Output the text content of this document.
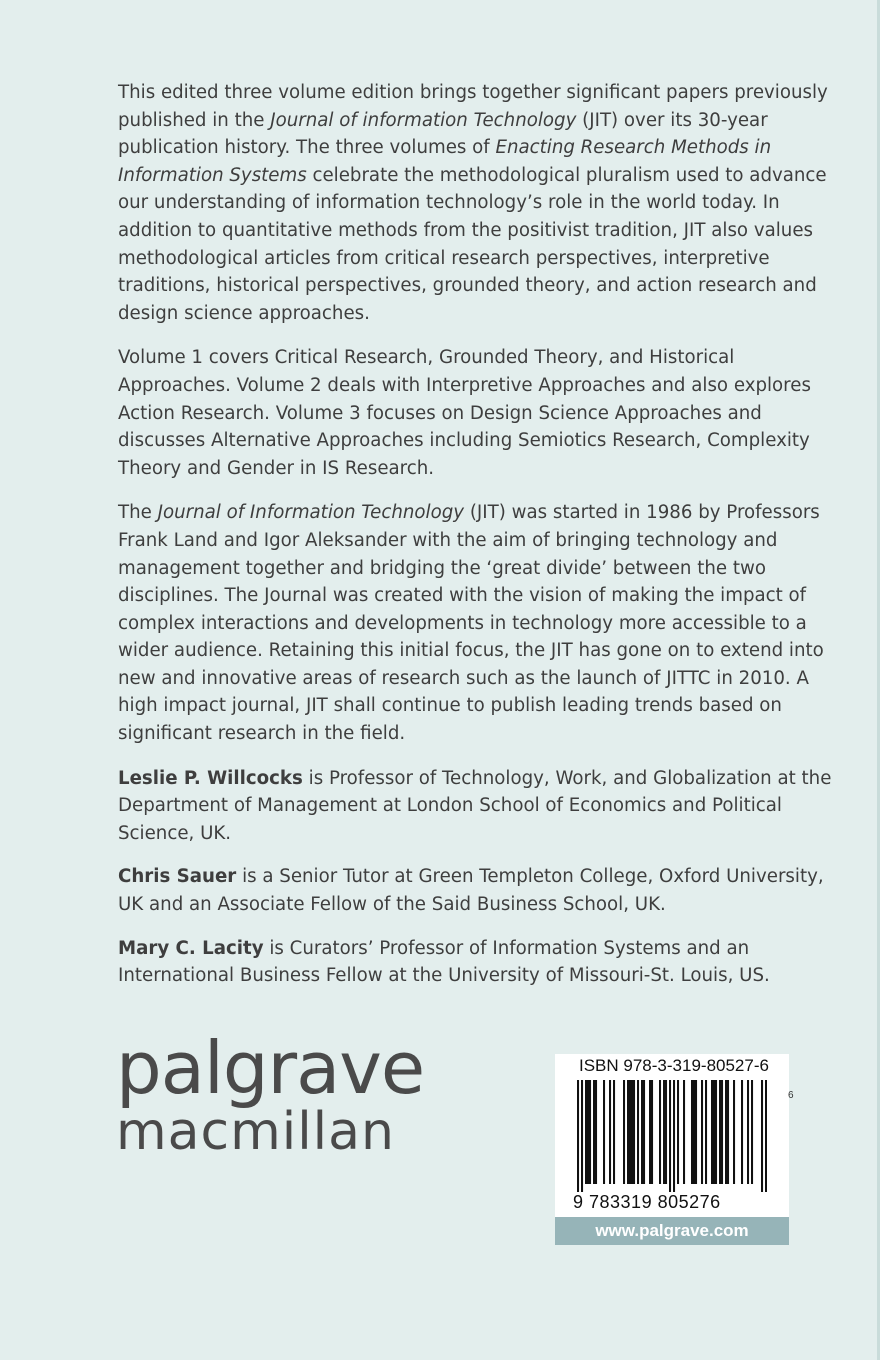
This edited three volume edition brings together significant papers previously published in the Journal of information Technology (JIT) over its 30-year publication history. The three volumes of Enacting Research Methods in Information Systems celebrate the methodological pluralism used to advance our understanding of information technology’s role in the world today. In addition to quantitative methods from the positivist tradition, JIT also values methodological articles from critical research perspectives, interpretive traditions, historical perspectives, grounded theory, and action research and design science approaches.

Volume 1 covers Critical Research, Grounded Theory, and Historical Approaches. Volume 2 deals with Interpretive Approaches and also explores Action Research. Volume 3 focuses on Design Science Approaches and discusses Alternative Approaches including Semiotics Research, Complexity Theory and Gender in IS Research.

The Journal of Information Technology (JIT) was started in 1986 by Professors Frank Land and Igor Aleksander with the aim of bringing technology and management together and bridging the ‘great divide’ between the two disciplines. The Journal was created with the vision of making the impact of complex interactions and developments in technology more accessible to a wider audience. Retaining this initial focus, the JIT has gone on to extend into new and innovative areas of research such as the launch of JITTC in 2010. A high impact journal, JIT shall continue to publish leading trends based on significant research in the field.

Leslie P. Willcocks is Professor of Technology, Work, and Globalization at the Department of Management at London School of Economics and Political Science, UK.

Chris Sauer is a Senior Tutor at Green Templeton College, Oxford University, UK and an Associate Fellow of the Said Business School, UK.

Mary C. Lacity is Curators’ Professor of Information Systems and an International Business Fellow at the University of Missouri-St. Louis, US.

palgrave
macmillan
ISBN 978-3-319-80527-6
9 783319 805276
6
www.palgrave.com
